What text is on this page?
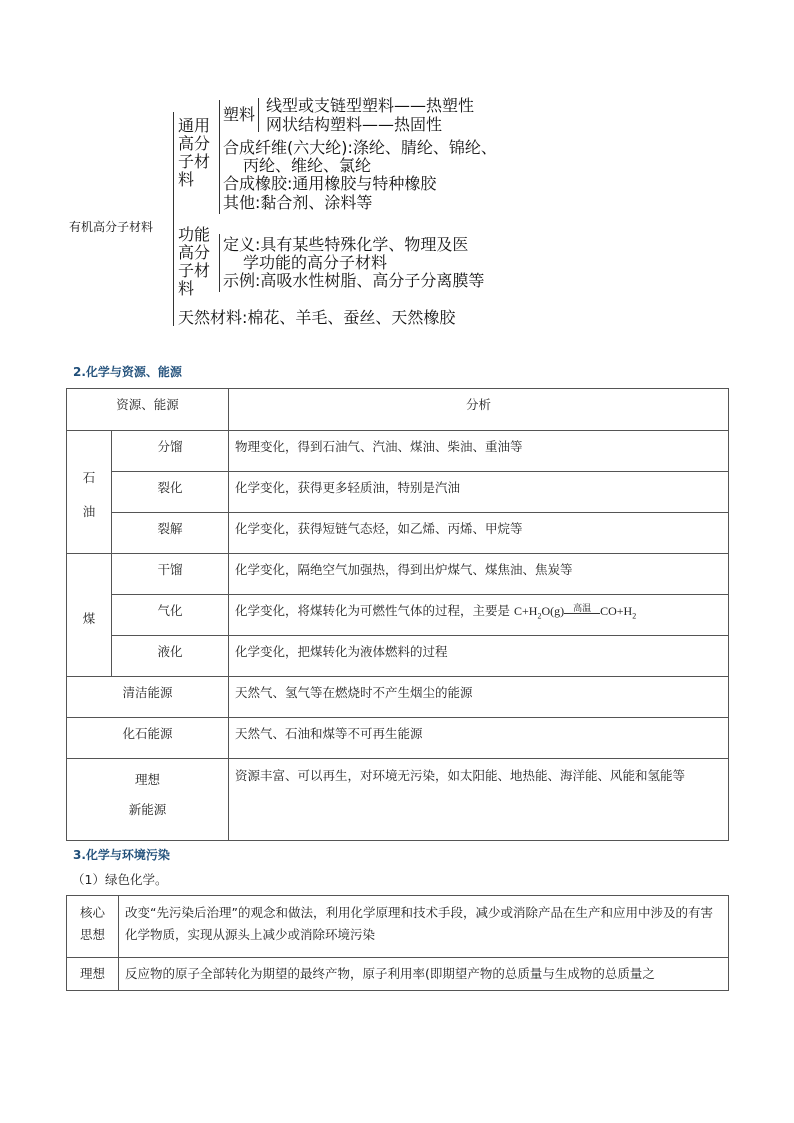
有机高分子材料
通用高分子材料
塑料 线型或支链型塑料——热塑性
网状结构塑料——热固性
合成纤维(六大纶):涤纶、腈纶、锦纶、
丙纶、维纶、氯纶
合成橡胶:通用橡胶与特种橡胶
其他:黏合剂、涂料等
功能高分子材料
定义:具有某些特殊化学、物理及医
学功能的高分子材料
示例:高吸水性树脂、高分子分离膜等
天然材料:棉花、羊毛、蚕丝、天然橡胶
2.化学与资源、能源
资源、能源		分析
石
油	分馏	物理变化，得到石油气、汽油、煤油、柴油、重油等
	裂化	化学变化，获得更多轻质油，特别是汽油
	裂解	化学变化，获得短链气态烃，如乙烯、丙烯、甲烷等
煤	干馏	化学变化，隔绝空气加强热，得到出炉煤气、煤焦油、焦炭等
	气化	化学变化，将煤转化为可燃性气体的过程，主要是 $C+H_2O(g)$ 高温 $CO+H_2$
	液化	化学变化，把煤转化为液体燃料的过程
清洁能源		天然气、氢气等在燃烧时不产生烟尘的能源
化石能源		天然气、石油和煤等不可再生能源
理想
新能源		资源丰富、可以再生，对环境无污染，如太阳能、地热能、海洋能、风能和氢能等
3.化学与环境污染
（1）绿色化学。
核心
思想	改变“先污染后治理”的观念和做法，利用化学原理和技术手段，减少或消除产品在生产和应用中涉及的有害化学物质，实现从源头上减少或消除环境污染
理想	反应物的原子全部转化为期望的最终产物，原子利用率(即期望产物的总质量与生成物的总质量之
